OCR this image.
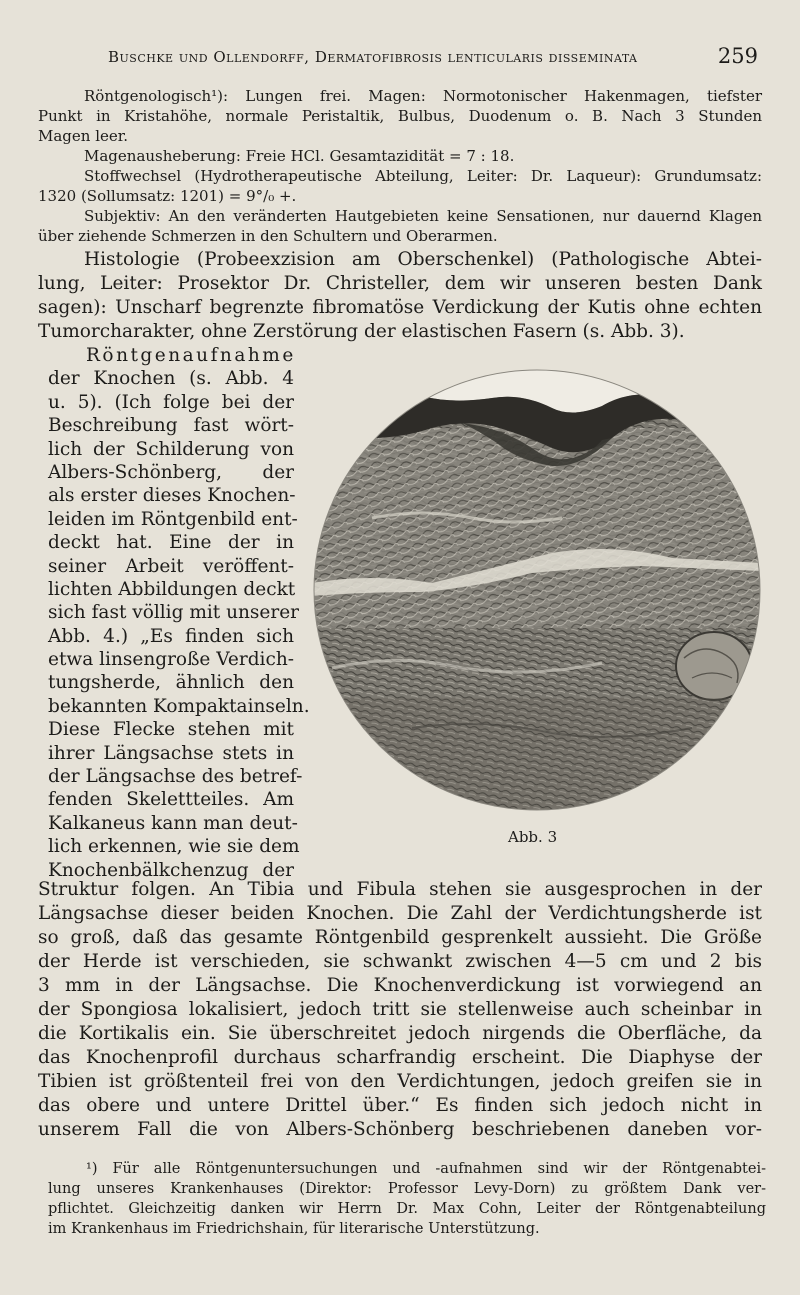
Buschke und Ollendorff, Dermatofibrosis lenticularis disseminata	259
Röntgenologisch¹): Lungen frei. Magen: Normotonischer Hakenmagen, tiefster
Punkt in Kristahöhe, normale Peristaltik, Bulbus, Duodenum o. B. Nach 3 Stunden
Magen leer.
Magenausheberung: Freie HCl. Gesamtazidität = 7 : 18.
Stoffwechsel (Hydrotherapeutische Abteilung, Leiter: Dr. Laqueur): Grundumsatz:
1320 (Sollumsatz: 1201) = 9°/₀ +.
Subjektiv: An den veränderten Hautgebieten keine Sensationen, nur dauernd Klagen
über ziehende Schmerzen in den Schultern und Oberarmen.
Histologie (Probeexzision am Oberschenkel) (Pathologische Abtei-
lung, Leiter: Prosektor Dr. Christeller, dem wir unseren besten Dank
sagen): Unscharf begrenzte fibromatöse Verdickung der Kutis ohne echten
Tumorcharakter, ohne Zerstörung der elastischen Fasern (s. Abb. 3).
Röntgenaufnahme
der Knochen (s. Abb. 4
u. 5). (Ich folge bei der
Beschreibung fast wört-
lich der Schilderung von
Albers-Schönberg, der
als erster dieses Knochen-
leiden im Röntgenbild ent-
deckt hat. Eine der in
seiner Arbeit veröffent-
lichten Abbildungen deckt
sich fast völlig mit unserer
Abb. 4.) „Es finden sich
etwa linsengroße Verdich-
tungsherde, ähnlich den
bekannten Kompaktainseln.
Diese Flecke stehen mit
ihrer Längsachse stets in
der Längsachse des betref-
fenden Skelettteiles. Am
Kalkaneus kann man deut-
lich erkennen, wie sie dem
Knochenbälkchenzug der
Abb. 3
Struktur folgen. An Tibia und Fibula stehen sie ausgesprochen in der
Längsachse dieser beiden Knochen. Die Zahl der Verdichtungsherde ist
so groß, daß das gesamte Röntgenbild gesprenkelt aussieht. Die Größe
der Herde ist verschieden, sie schwankt zwischen 4—5 cm und 2 bis
3 mm in der Längsachse. Die Knochenverdickung ist vorwiegend an
der Spongiosa lokalisiert, jedoch tritt sie stellenweise auch scheinbar in
die Kortikalis ein. Sie überschreitet jedoch nirgends die Oberfläche, da
das Knochenprofil durchaus scharfrandig erscheint. Die Diaphyse der
Tibien ist größtenteil frei von den Verdichtungen, jedoch greifen sie in
das obere und untere Drittel über.“ Es finden sich jedoch nicht in
unserem Fall die von Albers-Schönberg beschriebenen daneben vor-
¹) Für alle Röntgenuntersuchungen und -aufnahmen sind wir der Röntgenabtei-
lung unseres Krankenhauses (Direktor: Professor Levy-Dorn) zu größtem Dank ver-
pflichtet. Gleichzeitig danken wir Herrn Dr. Max Cohn, Leiter der Röntgenabteilung
im Krankenhaus im Friedrichshain, für literarische Unterstützung.
